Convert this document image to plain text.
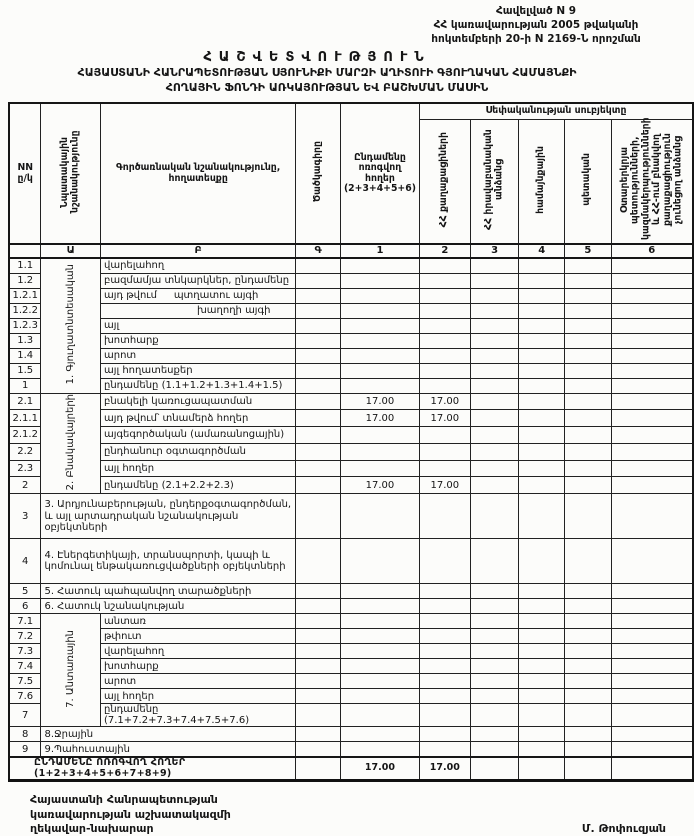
Հավելված N 9
ՀՀ կառավարության 2005 թվականի
հոկտեմբերի 20-ի N 2169-Ն որոշման
ՀԱՇՎԵՏՎՈՒԹՅՈՒՆ
ՀԱՅԱՍՏԱՆԻ ՀԱՆՐԱՊԵՏՈՒԹՅԱՆ ՍՅՈՒՆԻՔԻ ՄԱՐԶԻ ԱՂԻՏՈՒԻ ԳՅՈՒՂԱԿԱՆ ՀԱՄԱՅՆՔԻ
ՀՈՂԱՅԻՆ ՖՈՆԴԻ ԱՌԿԱՅՈՒԹՅԱՆ ԵՎ ԲԱՇԽՄԱՆ ՄԱՍԻՆ
NN ը/կ	Նպատակային նշանակությունը	Գործառնական նշանակությունը, հողատեսքը	Ծածկագիրը	Ընդամենը ոռոգվող հողեր (2+3+4+5+6)	Սեփականության սուբյեկտը				
					ՀՀ քաղաքացիների	ՀՀ իրավաբանական անձանց	համայնքային	պետական	Օտարերկրյա պետությունների, կազմակերպությունների և ՀՀ-ում բնակվող քաղաքացիություն չունեցող անձանց
	Ա	Բ	Գ	1	2	3	4	5	6
1.1	1. Գյուղատնտեսական	վարելահող							
1.2		բազմամյա տնկարկներ, ընդամենը							
1.2.1		այդ թվում պտղատու այգի							

1.2.2		խաղողի այգի							
1.2.3		այլ							
1.3		խոտհարք							
1.4		արոտ							
1.5		այլ հողատեսքեր							
1		ընդամենը (1.1+1.2+1.3+1.4+1.5)							
2.1	2. Բնակավայրերի	բնակելի կառուցապատման		17.00	17.00				
2.1.1		այդ թվում՝ տնամերձ հողեր		17.00	17.00				
2.1.2		այգեգործական (ամառանոցային)							
2.2		ընդհանուր օգտագործման							
2.3		այլ հողեր							
2		ընդամենը (2.1+2.2+2.3)		17.00	17.00				
3	3. Արդյունաբերության, ընդերքօգտագործման, և այլ արտադրական նշանակության օբյեկտների								
4	4. Էներգետիկայի, տրանսպորտի, կապի և կոմունալ ենթակառուցվածքների օբյեկտների								
5	5. Հատուկ պահպանվող տարածքների								
6	6. Հատուկ նշանակության								
7.1	7. Անտառային	անտառ							
7.2		թփուտ							
7.3		վարելահող							
7.4		խոտհարք							
7.5		արոտ							
7.6		այլ հողեր							
7		ընդամենը (7.1+7.2+7.3+7.4+7.5+7.6)							
8	8.Ջրային								
9	9.Պահուստային								
ԸՆԴԱՄԵՆԸ ՈՌՈԳՎՈՂ ՀՈՂԵՐ (1+2+3+4+5+6+7+8+9)				17.00	17.00				
Հայաստանի Հանրապետության
կառավարության աշխատակազմի
ղեկավար-նախարար	Մ. Թոփուզյան
